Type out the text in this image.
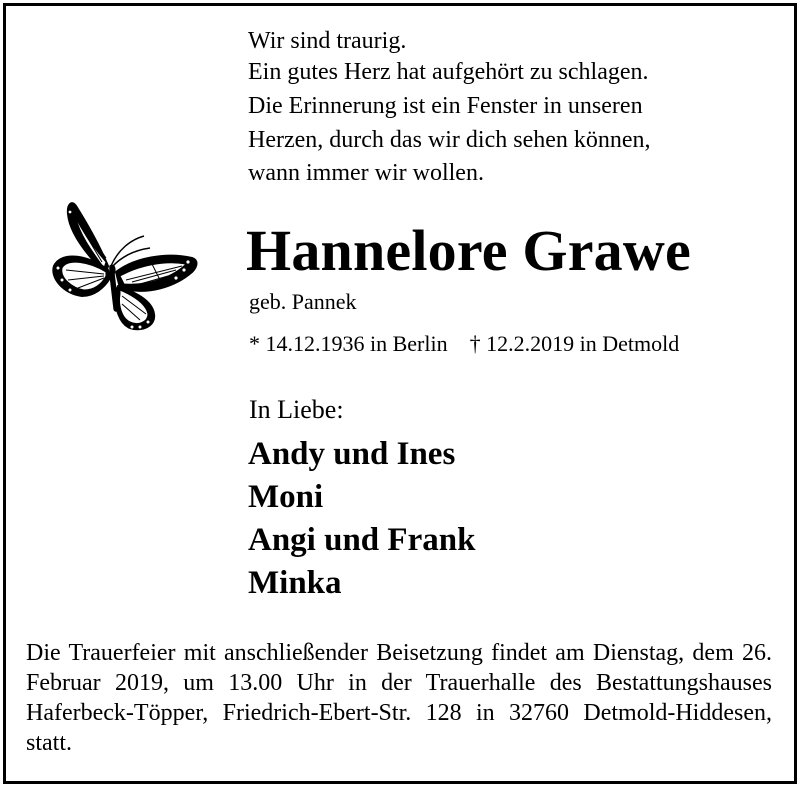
Wir sind traurig.

Ein gutes Herz hat aufgehört zu schlagen.

Die Erinnerung ist ein Fenster in unseren

Herzen, durch das wir dich sehen können,

wann immer wir wollen.

Hannelore Grawe

geb. Pannek

* 14.12.1936 in Berlin † 12.2.2019 in Detmold

In Liebe:

Andy und Ines

Moni

Angi und Frank

Minka

Die Trauerfeier mit anschließender Beisetzung findet am Dienstag, dem 26. Februar 2019, um 13.00 Uhr in der Trauerhalle des Bestattungshauses Haferbeck-Töpper, Friedrich-Ebert-Str. 128 in 32760 Detmold-Hiddesen, statt.
